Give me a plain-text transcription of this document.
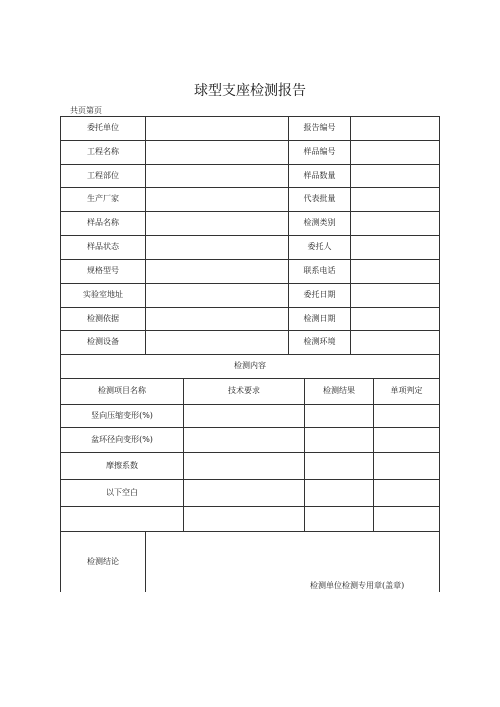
球型支座检测报告
共页第页
委托单位	报告编号
工程名称	样品编号
工程部位	样品数量
生产厂家	代表批量
样品名称	检测类别
样品状态	委托人
规格型号	联系电话
实验室地址	委托日期
检测依据	检测日期
检测设备	检测环境
检测内容
检测项目名称	技术要求	检测结果	单项判定
竖向压缩变形(%)
盆环径向变形(%)
摩擦系数
以下空白
检测结论
检测单位检测专用章(盖章)
